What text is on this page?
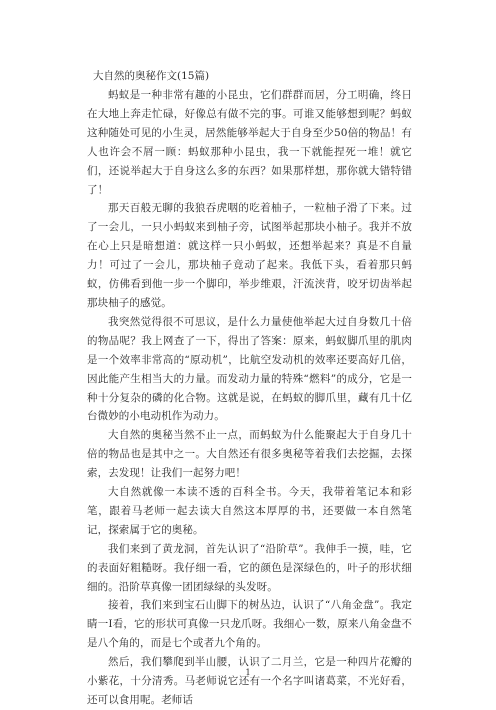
大自然的奥秘作文(15篇)

蚂蚁是一种非常有趣的小昆虫，它们群群而居，分工明确，终日在大地上奔走忙碌，好像总有做不完的事。可谁又能够想到呢？蚂蚁这种随处可见的小生灵，居然能够举起大于自身至少50倍的物品！有人也许会不屑一顾：蚂蚁那种小昆虫，我一下就能捏死一堆！就它们，还说举起大于自身这么多的东西？如果那样想，那你就大错特错了！

那天百般无聊的我狼吞虎咽的吃着柚子，一粒柚子滑了下来。过了一会儿，一只小蚂蚁来到柚子旁，试图举起那块小柚子。我并不放在心上只是暗想道：就这样一只小蚂蚁，还想举起来？真是不自量力！可过了一会儿，那块柚子竟动了起来。我低下头，看着那只蚂蚁，仿佛看到他一步一个脚印，举步维艰，汗流浃背，咬牙切齿举起那块柚子的感觉。

我突然觉得很不可思议，是什么力量使他举起大过自身数几十倍的物品呢？我上网查了一下，得出了答案：原来，蚂蚁脚爪里的肌肉是一个效率非常高的“原动机”，比航空发动机的效率还要高好几倍，因此能产生相当大的力量。而发动力量的特殊“燃料”的成分，它是一种十分复杂的磷的化合物。这就是说，在蚂蚁的脚爪里，藏有几十亿台微妙的小电动机作为动力。

大自然的奥秘当然不止一点，而蚂蚁为什么能聚起大于自身几十倍的物品也是其中之一。大自然还有很多奥秘等着我们去挖掘，去探索，去发现！让我们一起努力吧！

大自然就像一本读不透的百科全书。今天，我带着笔记本和彩笔，跟着马老师一起去读大自然这本厚厚的书，还要做一本自然笔记，探索属于它的奥秘。

我们来到了黄龙洞，首先认识了“沿阶草”。我伸手一摸，哇，它的表面好粗糙呀。我仔细一看，它的颜色是深绿色的，叶子的形状细细的。沿阶草真像一团团绿绿的头发呀。

接着，我们来到宝石山脚下的树丛边，认识了“八角金盘”。我定睛一Ⅰ看，它的形状可真像一只龙爪呀。我细心一数，原来八角金盘不是八个角的，而是七个或者九个角的。

然后，我们攀爬到半山腰，认识了二月兰，它是一种四片花瓣的小紫花，十分清秀。马老师说它还有一个名字叫诸葛菜，不光好看，还可以食用呢。老师话

1
